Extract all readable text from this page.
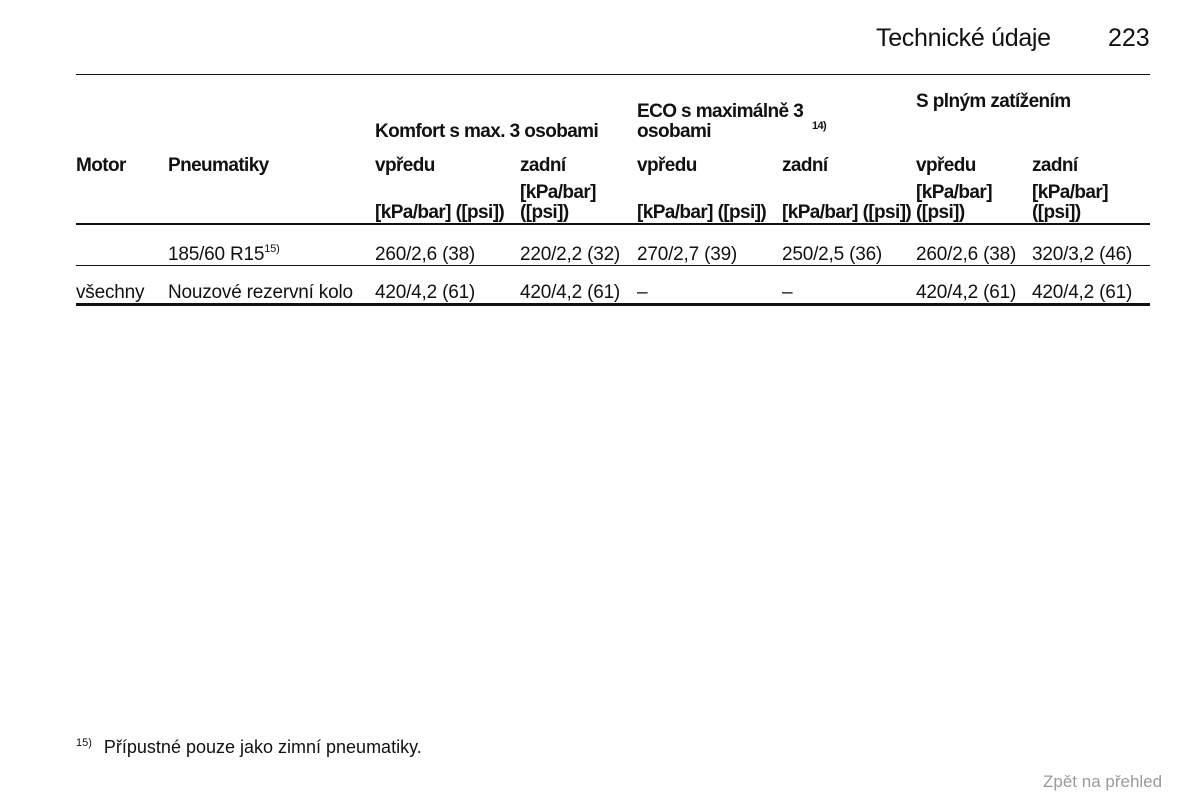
Technické údaje 223
		Komfort s max. 3 osobami		ECO s maximálně 3 osobami $^{14)}$		S plným zatížením	
Motor	Pneumatiky	vpředu	zadní	vpředu	zadní	vpředu	zadní
		[kPa/bar] ([psi])	[kPa/bar] ([psi])	[kPa/bar] ([psi])	[kPa/bar] ([psi])	[kPa/bar] ([psi])	[kPa/bar] ([psi])

	185/60 R15$^{15)}$	260/2,6 (38)	220/2,2 (32)	270/2,7 (39)	250/2,5 (36)	260/2,6 (38)	320/3,2 (46)
všechny	Nouzové rezervní kolo	420/4,2 (61)	420/4,2 (61)	–	–	420/4,2 (61)	420/4,2 (61)
$^{15)}$ Přípustné pouze jako zimní pneumatiky.
Zpět na přehled
